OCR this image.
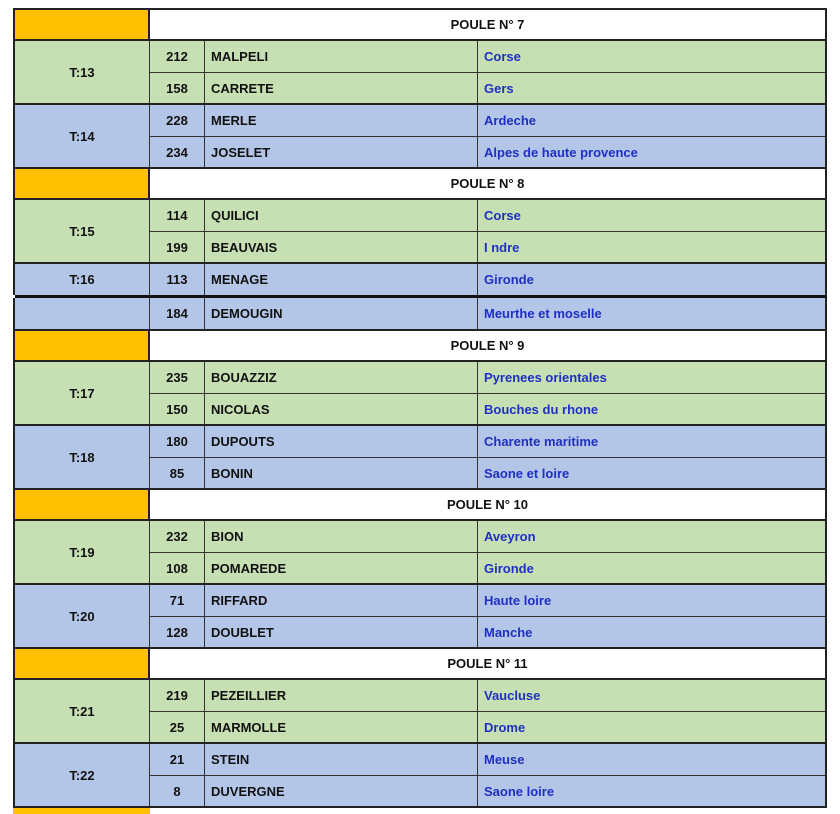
POULE N° 7
T:13
212	MALPELI	Corse
158	CARRETE	Gers
T:14
228	MERLE	Ardeche
234	JOSELET	Alpes de haute provence
POULE N° 8
T:15
114	QUILICI	Corse
199	BEAUVAIS	I ndre
T:16	113	MENAGE	Gironde
184	DEMOUGIN	Meurthe et moselle
POULE N° 9
T:17
235	BOUAZZIZ	Pyrenees orientales
150	NICOLAS	Bouches du rhone
T:18
180	DUPOUTS	Charente maritime
85	BONIN	Saone et loire
POULE N° 10
T:19
232	BION	Aveyron
108	POMAREDE	Gironde
T:20
71	RIFFARD	Haute loire
128	DOUBLET	Manche
POULE N° 11
T:21
219	PEZEILLIER	Vaucluse
25	MARMOLLE	Drome
T:22
21	STEIN	Meuse
8	DUVERGNE	Saone loire
